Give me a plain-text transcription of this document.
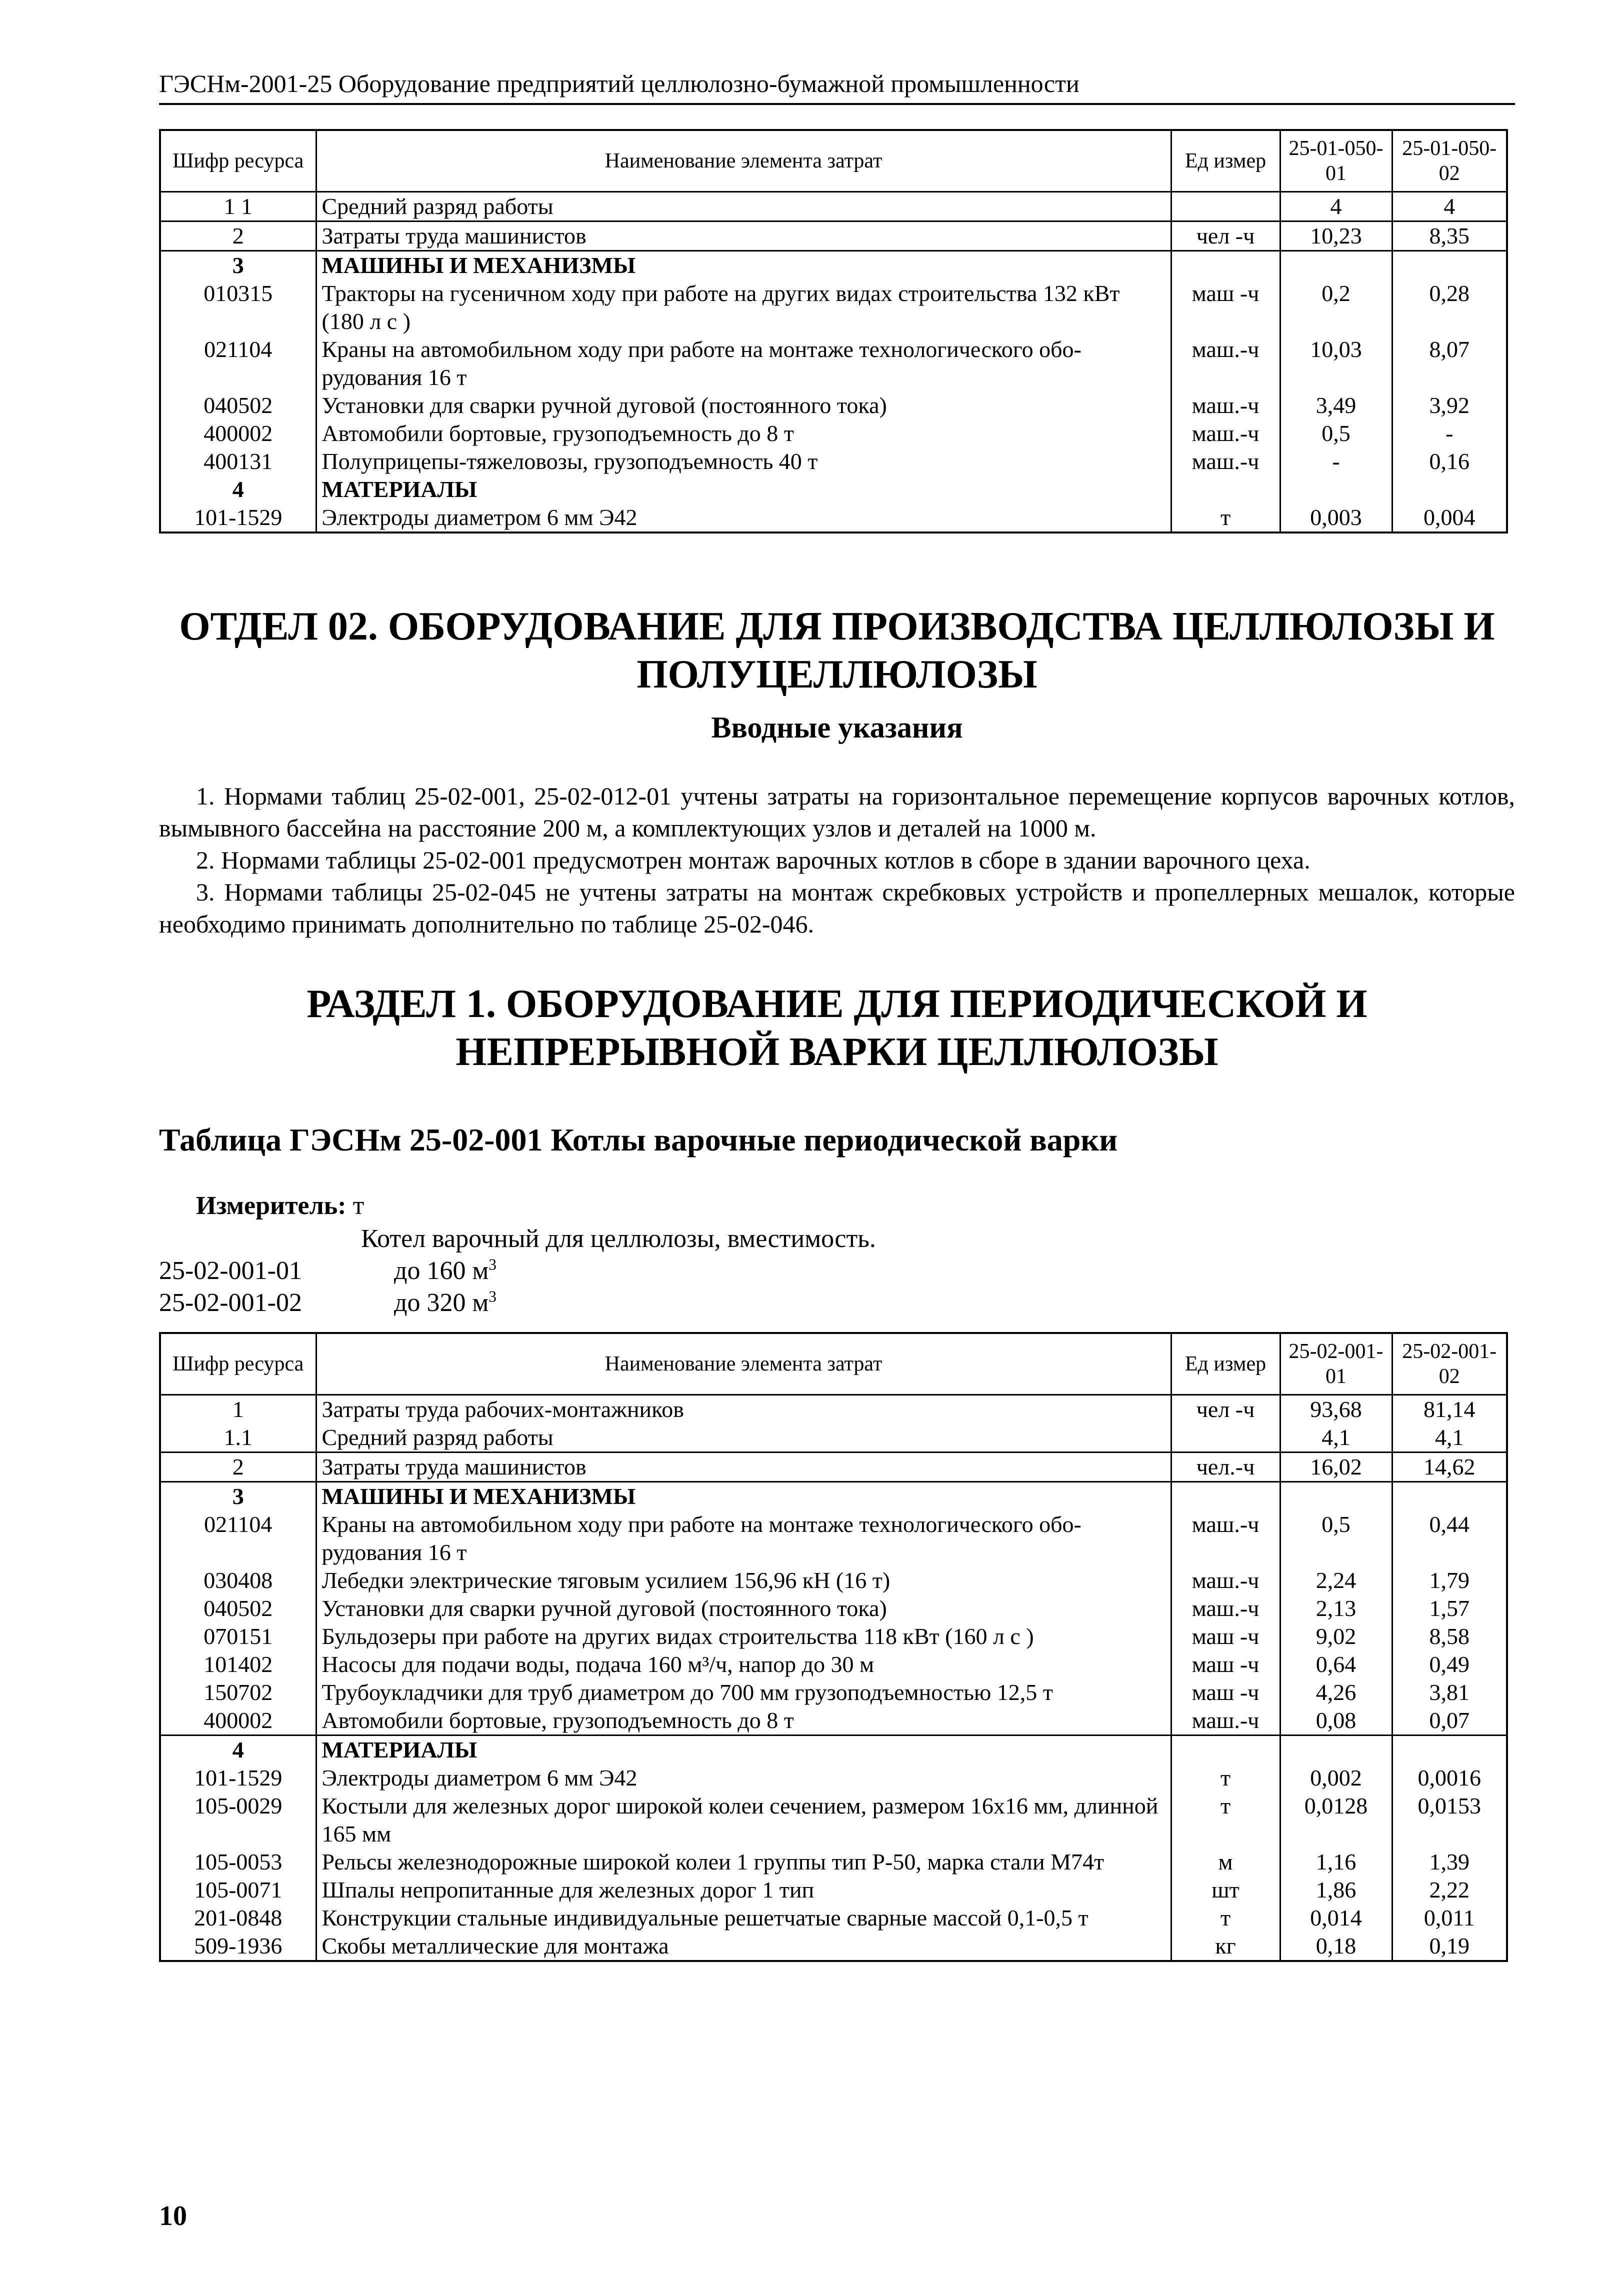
ГЭСНм-2001-25 Оборудование предприятий целлюлозно-бумажной промышленности
Шифр ресурса	Наименование элемента затрат	Ед измер	25-01-050-01	25-01-050-02
1 1	Средний разряд работы		4	4
2	Затраты труда машинистов	чел -ч	10,23	8,35
3	МАШИНЫ И МЕХАНИЗМЫ			
010315	Тракторы на гусеничном ходу при работе на других видах строительства 132 кВт (180 л с )	маш -ч	0,2	0,28
021104	Краны на автомобильном ходу при работе на монтаже технологического обо-рудования 16 т	маш.-ч	10,03	8,07
040502	Установки для сварки ручной дуговой (постоянного тока)	маш.-ч	3,49	3,92
400002	Автомобили бортовые, грузоподъемность до 8 т	маш.-ч	0,5	-
400131	Полуприцепы-тяжеловозы, грузоподъемность 40 т	маш.-ч	-	0,16
4	МАТЕРИАЛЫ			
101-1529	Электроды диаметром 6 мм Э42	т	0,003	0,004
ОТДЕЛ 02. ОБОРУДОВАНИЕ ДЛЯ ПРОИЗВОДСТВА ЦЕЛЛЮЛОЗЫ И ПОЛУЦЕЛЛЮЛОЗЫ
Вводные указания
1. Нормами таблиц 25-02-001, 25-02-012-01 учтены затраты на горизонтальное перемещение корпусов варочных котлов, вымывного бассейна на расстояние 200 м, а комплектующих узлов и деталей на 1000 м.
2. Нормами таблицы 25-02-001 предусмотрен монтаж варочных котлов в сборе в здании варочного цеха.
3. Нормами таблицы 25-02-045 не учтены затраты на монтаж скребковых устройств и пропеллерных мешалок, которые необходимо принимать дополнительно по таблице 25-02-046.
РАЗДЕЛ 1. ОБОРУДОВАНИЕ ДЛЯ ПЕРИОДИЧЕСКОЙ И НЕПРЕРЫВНОЙ ВАРКИ ЦЕЛЛЮЛОЗЫ
Таблица ГЭСНм 25-02-001 Котлы варочные периодической варки
Измеритель: т
Котел варочный для целлюлозы, вместимость.
25-02-001-01	до 160 $м^3$
25-02-001-02	до 320 $м^3$
Шифр ресурса	Наименование элемента затрат	Ед измер	25-02-001-01	25-02-001-02
1	Затраты труда рабочих-монтажников	чел -ч	93,68	81,14
1.1	Средний разряд работы		4,1	4,1
2	Затраты труда машинистов	чел.-ч	16,02	14,62
3	МАШИНЫ И МЕХАНИЗМЫ			
021104	Краны на автомобильном ходу при работе на монтаже технологического обо-рудования 16 т	маш.-ч	0,5	0,44
030408	Лебедки электрические тяговым усилием 156,96 кН (16 т)	маш.-ч	2,24	1,79
040502	Установки для сварки ручной дуговой (постоянного тока)	маш.-ч	2,13	1,57
070151	Бульдозеры при работе на других видах строительства 118 кВт (160 л с )	маш -ч	9,02	8,58
101402	Насосы для подачи воды, подача 160 м³/ч, напор до 30 м	маш -ч	0,64	0,49
150702	Трубоукладчики для труб диаметром до 700 мм грузоподъемностью 12,5 т	маш -ч	4,26	3,81
400002	Автомобили бортовые, грузоподъемность до 8 т	маш.-ч	0,08	0,07
4	МАТЕРИАЛЫ			
101-1529	Электроды диаметром 6 мм Э42	т	0,002	0,0016
105-0029	Костыли для железных дорог широкой колеи сечением, размером 16х16 мм, длинной 165 мм	т	0,0128	0,0153
105-0053	Рельсы железнодорожные широкой колеи 1 группы тип Р-50, марка стали М74т	м	1,16	1,39
105-0071	Шпалы непропитанные для железных дорог 1 тип	шт	1,86	2,22
201-0848	Конструкции стальные индивидуальные решетчатые сварные массой 0,1-0,5 т	т	0,014	0,011
509-1936	Скобы металлические для монтажа	кг	0,18	0,19
10
